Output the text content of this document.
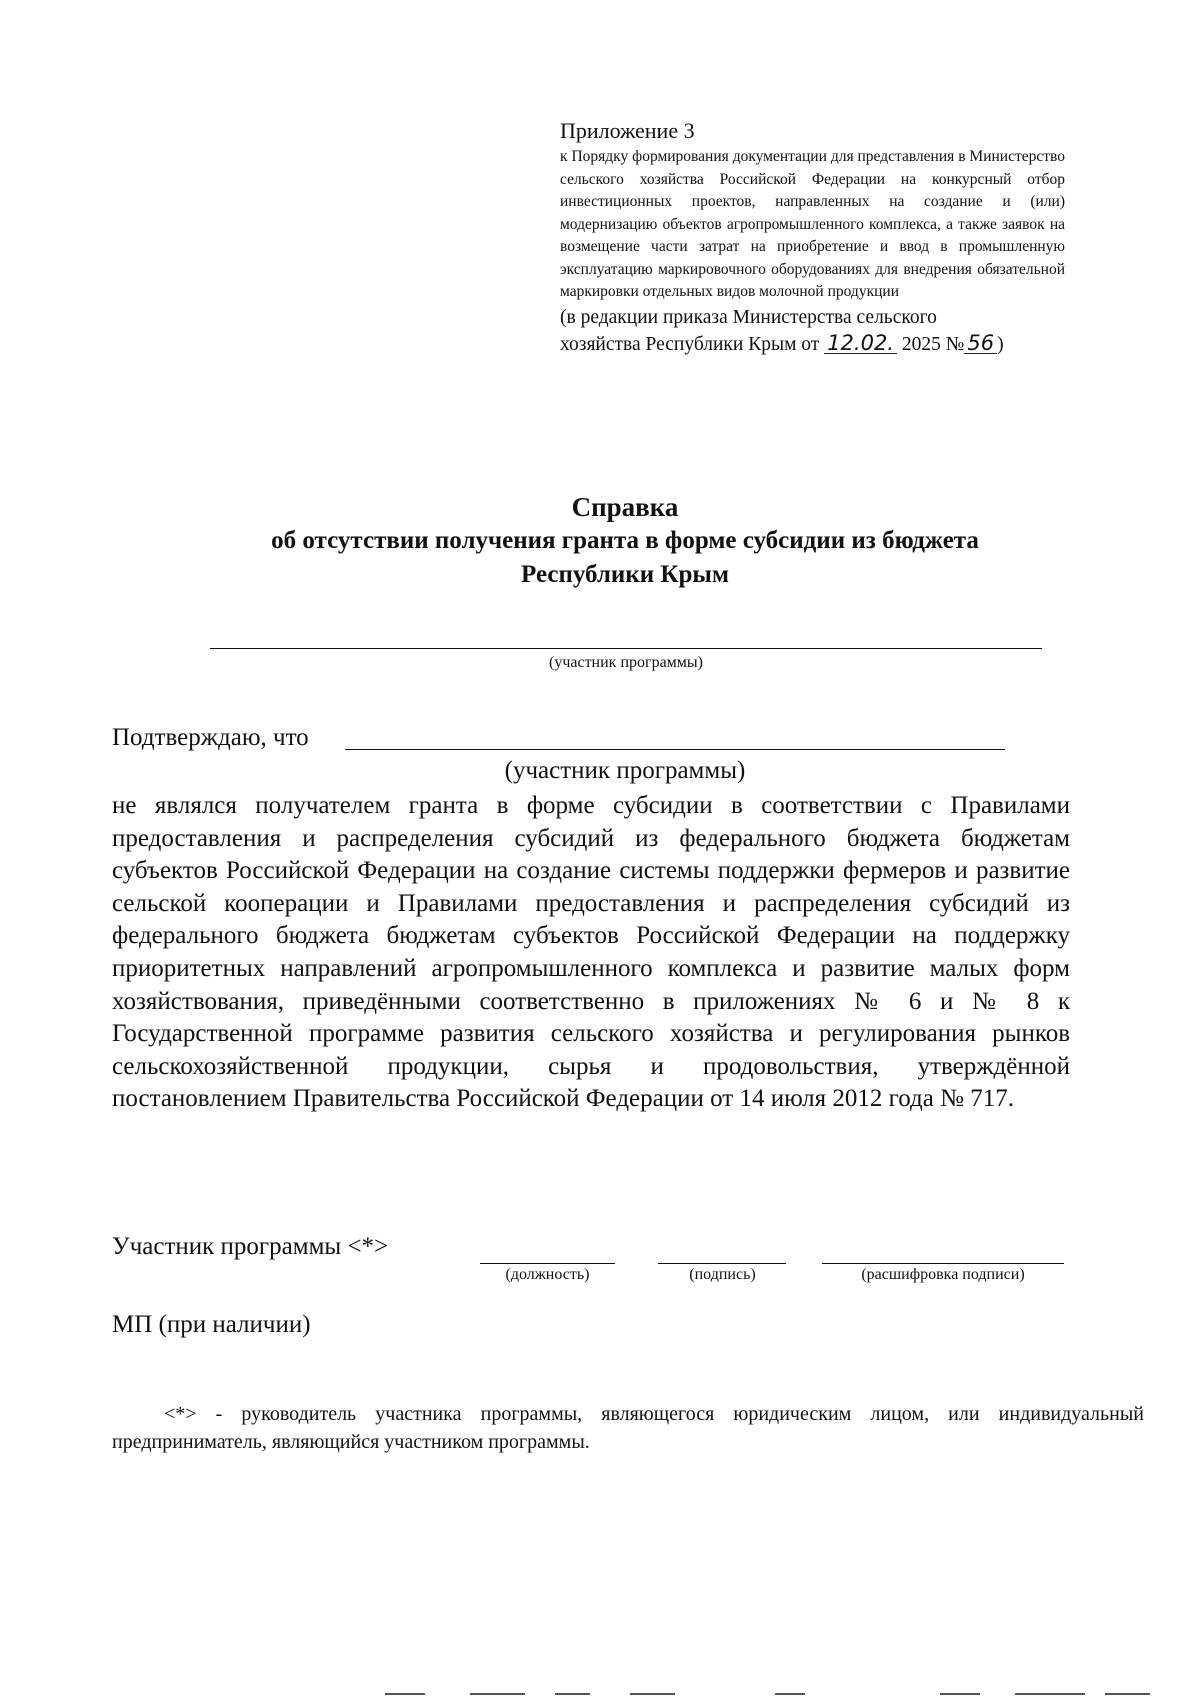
Приложение 3

к Порядку формирования документации для представления в Министерство сельского хозяйства Российской Федерации на конкурсный отбор инвестиционных проектов, направленных на создание и (или) модернизацию объектов агропромышленного комплекса, а также заявок на возмещение части затрат на приобретение и ввод в промышленную эксплуатацию маркировочного оборудованиях для внедрения обязательной маркировки отдельных видов молочной продукции

(в редакции приказа Министерства сельского

хозяйства Республики Крым от 12.02. 2025 № 56 )

Справка

об отсутствии получения гранта в форме субсидии из бюджета

Республики Крым

(участник программы)
Подтверждаю, что
(участник программы)

не являлся получателем гранта в форме субсидии в соответствии с Правилами предоставления и распределения субсидий из федерального бюджета бюджетам субъектов Российской Федерации на создание системы поддержки фермеров и развитие сельской кооперации и Правилами предоставления и распределения субсидий из федерального бюджета бюджетам субъектов Российской Федерации на поддержку приоритетных направлений агропромышленного комплекса и развитие малых форм хозяйствования, приведёнными соответственно в приложениях № 6 и № 8 к Государственной программе развития сельского хозяйства и регулирования рынков сельскохозяйственной продукции, сырья и продовольствия, утверждённой постановлением Правительства Российской Федерации от 14 июля 2012 года № 717.

Участник программы <*>
(должность)	(подпись)	(расшифровка подписи)
МП (при наличии)

<*> - руководитель участника программы, являющегося юридическим лицом, или индивидуальный предприниматель, являющийся участником программы.
